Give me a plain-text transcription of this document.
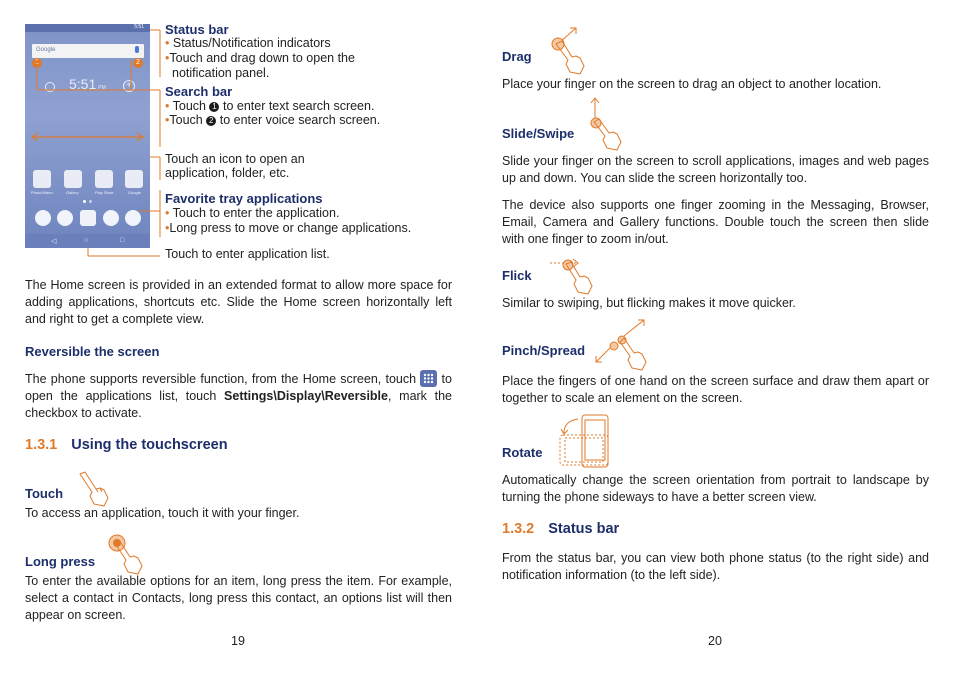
5:51
Google
1	2
5:51 PM	+
Photo/Video	Gallery	Play Store	Google
◁	○	□
Status bar
• Status/Notification indicators
•Touch and drag down to open the
notification panel.
Search bar
• Touch 1 to enter text search screen.
•Touch 2 to enter voice search screen.
Touch an icon to open an
application, folder, etc.
Favorite tray applications
• Touch to enter the application.
•Long press to move or change applications.
Touch to enter application list.

The Home screen is provided in an extended format to allow more space for adding applications, shortcuts etc. Slide the Home screen horizontally left and right to get a complete view.

Reversible the screen

The phone supports reversible function, from the Home screen, touch to open the applications list, touch Settings\Display\Reversible, mark the checkbox to activate.

1.3.1 Using the touchscreen
Touch

To access an application, touch it with your finger.

Long press

To enter the available options for an item, long press the item. For example, select a contact in Contacts, long press this contact, an options list will then appear on screen.

19
Drag

Place your finger on the screen to drag an object to another location.

Slide/Swipe

Slide your finger on the screen to scroll applications, images and web pages up and down. You can slide the screen horizontally too.

The device also supports one finger zooming in the Messaging, Browser, Email, Camera and Gallery functions. Double touch the screen then slide with one finger to zoom in/out.

Flick

Similar to swiping, but flicking makes it move quicker.

Pinch/Spread

Place the fingers of one hand on the screen surface and draw them apart or together to scale an element on the screen.

Rotate

Automatically change the screen orientation from portrait to landscape by turning the phone sideways to have a better screen view.

1.3.2 Status bar

From the status bar, you can view both phone status (to the right side) and notification information (to the left side).

20
